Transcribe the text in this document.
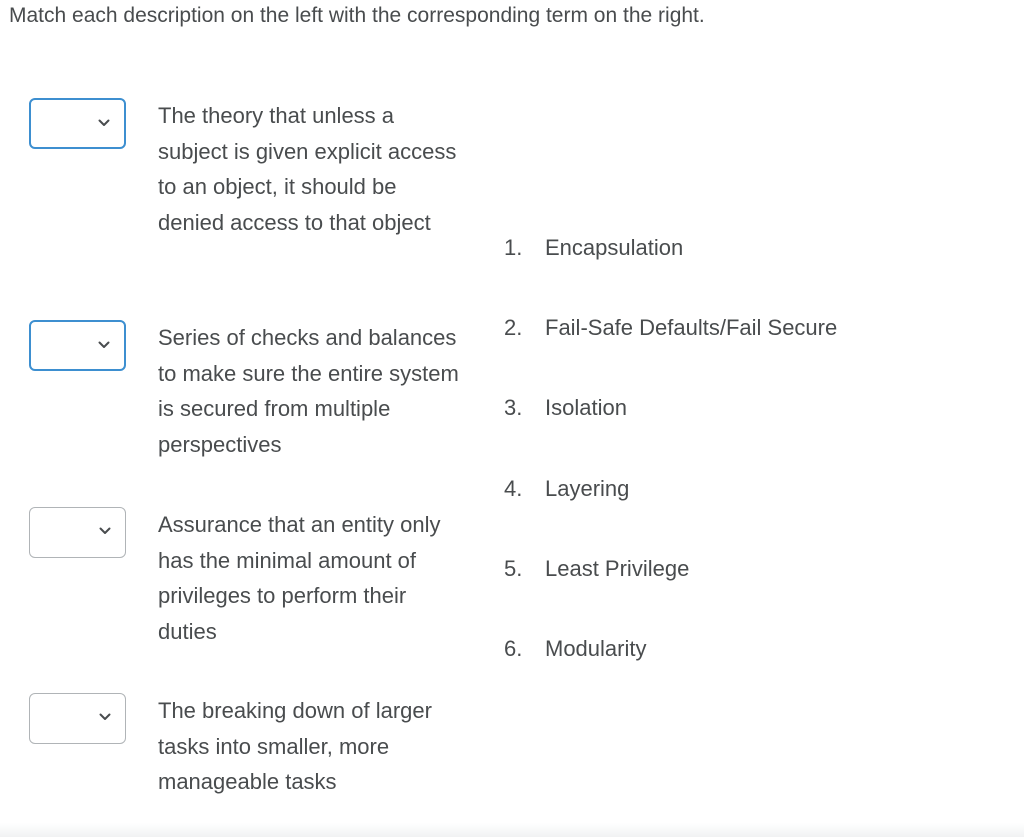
Match each description on the left with the corresponding term on the right.
The theory that unless a subject is given explicit access to an object, it should be denied access to that object
Series of checks and balances to make sure the entire system is secured from multiple perspectives
Assurance that an entity only has the minimal amount of privileges to perform their duties
The breaking down of larger tasks into smaller, more manageable tasks
1. Encapsulation
2. Fail-Safe Defaults/Fail Secure
3. Isolation
4. Layering
5. Least Privilege
6. Modularity
